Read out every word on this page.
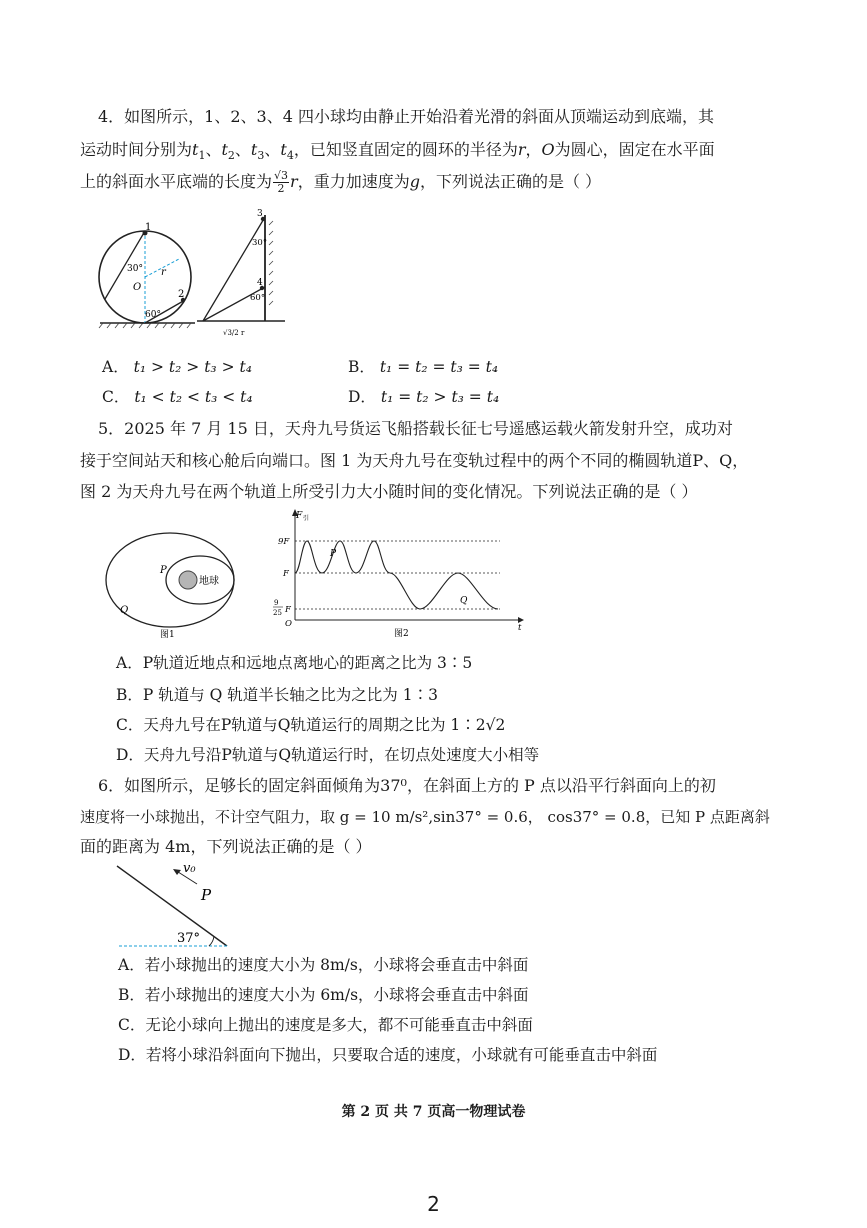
4．如图所示，1、2、3、4 四小球均由静止开始沿着光滑的斜面从顶端运动到底端，其
运动时间分别为$t_1$、$t_2$、$t_3$、$t_4$，已知竖直固定的圆环的半径为r，O为圆心，固定在水平面
上的斜面水平底端的长度为 $\frac{√3}{2}$ r，重力加速度为g，下列说法正确的是（ ）
1
2
30°
O
r
60°
3
4
30°
60°
√3/2 r
A． t₁ > t₂ > t₃ > t₄	B． t₁ = t₂ = t₃ = t₄
C． t₁ < t₂ < t₃ < t₄	D． t₁ = t₂ > t₃ = t₄
5．2025 年 7 月 15 日，天舟九号货运飞船搭载长征七号遥感运载火箭发射升空，成功对
接于空间站天和核心舱后向端口。图 1 为天舟九号在变轨过程中的两个不同的椭圆轨道P、Q，
图 2 为天舟九号在两个轨道上所受引力大小随时间的变化情况。下列说法正确的是（ ）
P
地球
Q
图1
F 引
9F
F
9
25 F
O	t
P
Q
图2
A．P轨道近地点和远地点离地心的距离之比为 3∶5
B．P 轨道与 Q 轨道半长轴之比为之比为 1∶3
C．天舟九号在P轨道与Q轨道运行的周期之比为 1∶2√2
D．天舟九号沿P轨道与Q轨道运行时，在切点处速度大小相等
6．如图所示，足够长的固定斜面倾角为37⁰，在斜面上方的 P 点以沿平行斜面向上的初
速度将一小球抛出，不计空气阻力，取 g = 10 m/s²,sin37° = 0.6， cos37° = 0.8，已知 P 点距离斜
面的距离为 4m，下列说法正确的是（ ）
v₀
P
37°
A．若小球抛出的速度大小为 8m/s，小球将会垂直击中斜面
B．若小球抛出的速度大小为 6m/s，小球将会垂直击中斜面
C．无论小球向上抛出的速度是多大，都不可能垂直击中斜面
D．若将小球沿斜面向下抛出，只要取合适的速度，小球就有可能垂直击中斜面
第 2 页 共 7 页高一物理试卷
2
